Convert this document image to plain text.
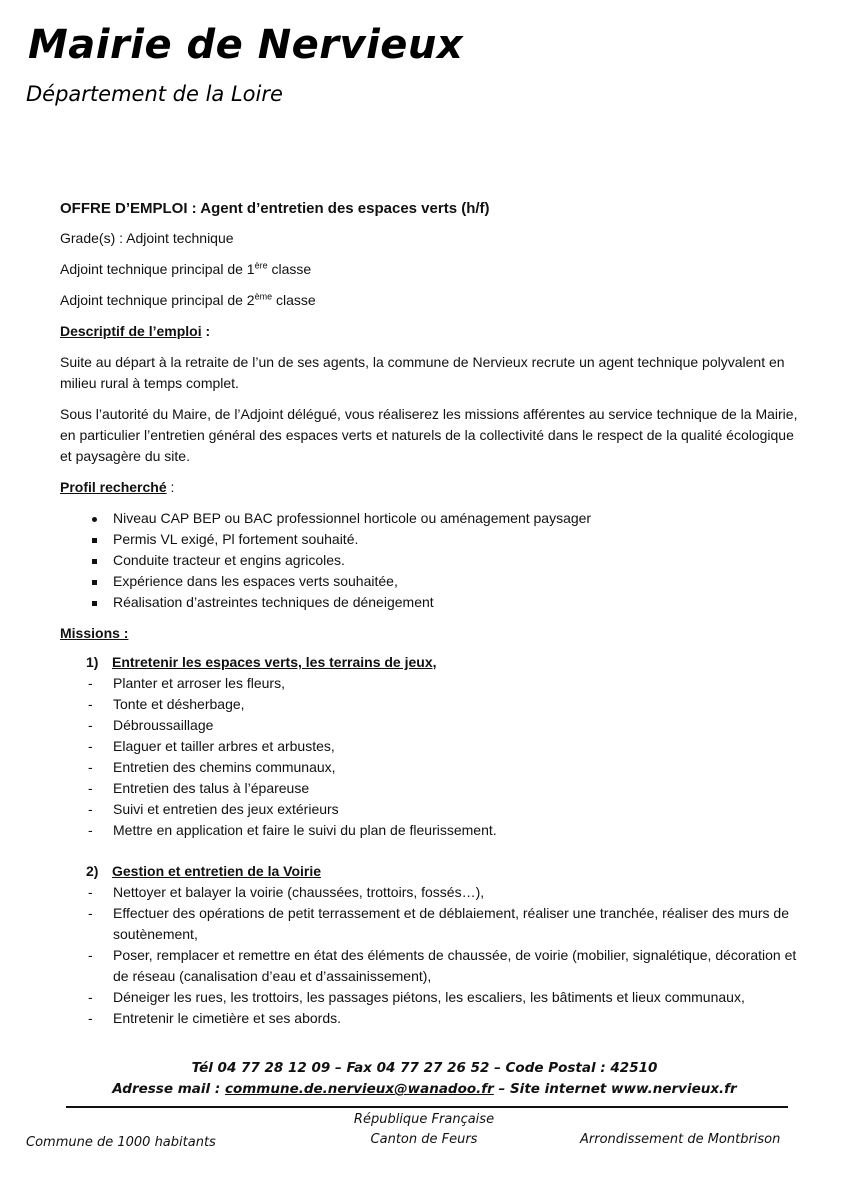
Mairie de Nervieux
Département de la Loire
OFFRE D’EMPLOI : Agent d’entretien des espaces verts (h/f)
Grade(s) : Adjoint technique
Adjoint technique principal de 1ère classe
Adjoint technique principal de 2ème classe
Descriptif de l’emploi :
Suite au départ à la retraite de l’un de ses agents, la commune de Nervieux recrute un agent technique polyvalent en milieu rural à temps complet.
Sous l’autorité du Maire, de l’Adjoint délégué, vous réaliserez les missions afférentes au service technique de la Mairie, en particulier l’entretien général des espaces verts et naturels de la collectivité dans le respect de la qualité écologique et paysagère du site.
Profil recherché :
Niveau CAP BEP ou BAC professionnel horticole ou aménagement paysager
Permis VL exigé, Pl fortement souhaité.
Conduite tracteur et engins agricoles.
Expérience dans les espaces verts souhaitée,
Réalisation d’astreintes techniques de déneigement
Missions :
1) Entretenir les espaces verts, les terrains de jeux,
- Planter et arroser les fleurs,
- Tonte et désherbage,
- Débroussaillage
- Elaguer et tailler arbres et arbustes,
- Entretien des chemins communaux,
- Entretien des talus à l’épareuse
- Suivi et entretien des jeux extérieurs
- Mettre en application et faire le suivi du plan de fleurissement.
2) Gestion et entretien de la Voirie
- Nettoyer et balayer la voirie (chaussées, trottoirs, fossés…),
- Effectuer des opérations de petit terrassement et de déblaiement, réaliser une tranchée, réaliser des murs de soutènement,
- Poser, remplacer et remettre en état des éléments de chaussée, de voirie (mobilier, signalétique, décoration et de réseau (canalisation d’eau et d’assainissement),
- Déneiger les rues, les trottoirs, les passages piétons, les escaliers, les bâtiments et lieux communaux,
- Entretenir le cimetière et ses abords.
Tél 04 77 28 12 09 – Fax 04 77 27 26 52 – Code Postal : 42510
Adresse mail : commune.de.nervieux@wanadoo.fr – Site internet www.nervieux.fr
Commune de 1000 habitants
République Française
Canton de Feurs	Arrondissement de Montbrison
